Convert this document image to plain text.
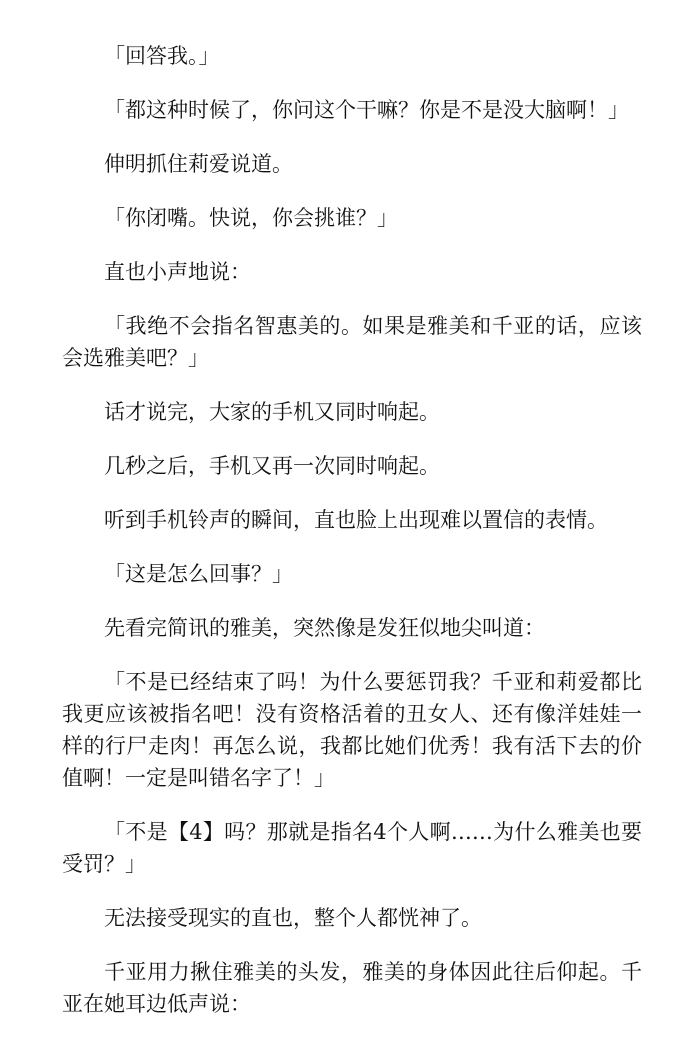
「回答我。」

「都这种时候了，你问这个干嘛？你是不是没大脑啊！」

伸明抓住莉爱说道。

「你闭嘴。快说，你会挑谁？」

直也小声地说：

「我绝不会指名智惠美的。如果是雅美和千亚的话，应该会选雅美吧？」

话才说完，大家的手机又同时响起。

几秒之后，手机又再一次同时响起。

听到手机铃声的瞬间，直也脸上出现难以置信的表情。

「这是怎么回事？」

先看完简讯的雅美，突然像是发狂似地尖叫道：

「不是已经结束了吗！为什么要惩罚我？千亚和莉爱都比我更应该被指名吧！没有资格活着的丑女人、还有像洋娃娃一样的行尸走肉！再怎么说，我都比她们优秀！我有活下去的价值啊！一定是叫错名字了！」

「不是【4】吗？那就是指名4个人啊……为什么雅美也要受罚？」

无法接受现实的直也，整个人都恍神了。

千亚用力揪住雅美的头发，雅美的身体因此往后仰起。千亚在她耳边低声说：
